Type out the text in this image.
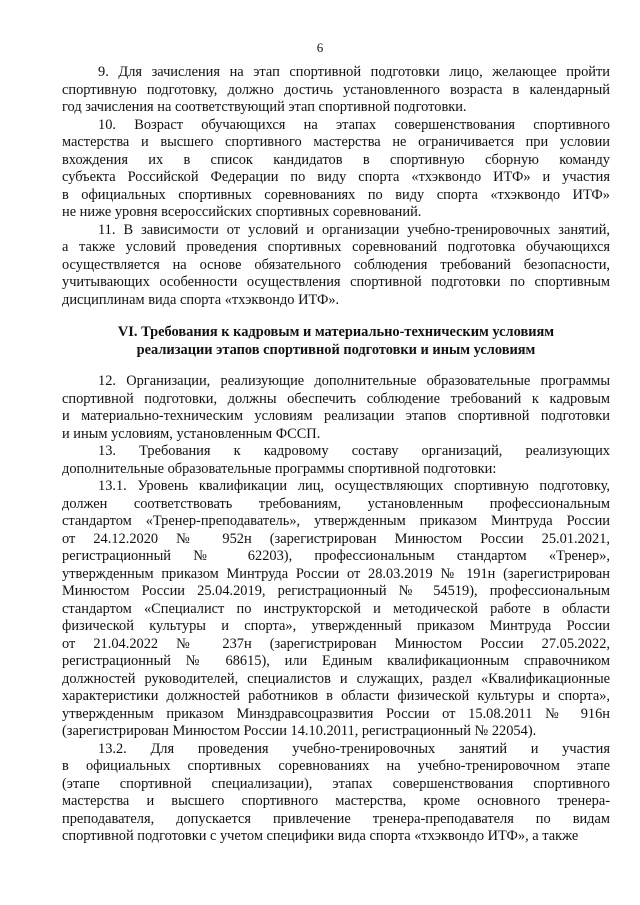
6

9. Для зачисления на этап спортивной подготовки лицо, желающее пройти
спортивную подготовку, должно достичь установленного возраста в календарный
год зачисления на соответствующий этап спортивной подготовки.

10. Возраст обучающихся на этапах совершенствования спортивного
мастерства и высшего спортивного мастерства не ограничивается при условии
вхождения их в список кандидатов в спортивную сборную команду
субъекта Российской Федерации по виду спорта «тхэквондо ИТФ» и участия
в официальных спортивных соревнованиях по виду спорта «тхэквондо ИТФ»
не ниже уровня всероссийских спортивных соревнований.

11. В зависимости от условий и организации учебно-тренировочных занятий,
а также условий проведения спортивных соревнований подготовка обучающихся
осуществляется на основе обязательного соблюдения требований безопасности,
учитывающих особенности осуществления спортивной подготовки по спортивным
дисциплинам вида спорта «тхэквондо ИТФ».

VI. Требования к кадровым и материально-техническим условиям
реализации этапов спортивной подготовки и иным условиям

12. Организации, реализующие дополнительные образовательные программы
спортивной подготовки, должны обеспечить соблюдение требований к кадровым
и материально-техническим условиям реализации этапов спортивной подготовки
и иным условиям, установленным ФССП.

13. Требования к кадровому составу организаций, реализующих
дополнительные образовательные программы спортивной подготовки:

13.1. Уровень квалификации лиц, осуществляющих спортивную подготовку,
должен соответствовать требованиям, установленным профессиональным
стандартом «Тренер-преподаватель», утвержденным приказом Минтруда России
от 24.12.2020 № 952н (зарегистрирован Минюстом России 25.01.2021,
регистрационный № 62203), профессиональным стандартом «Тренер»,
утвержденным приказом Минтруда России от 28.03.2019 № 191н (зарегистрирован
Минюстом России 25.04.2019, регистрационный № 54519), профессиональным
стандартом «Специалист по инструкторской и методической работе в области
физической культуры и спорта», утвержденный приказом Минтруда России
от 21.04.2022 № 237н (зарегистрирован Минюстом России 27.05.2022,
регистрационный № 68615), или Единым квалификационным справочником
должностей руководителей, специалистов и служащих, раздел «Квалификационные
характеристики должностей работников в области физической культуры и спорта»,
утвержденным приказом Минздравсоцразвития России от 15.08.2011 № 916н
(зарегистрирован Минюстом России 14.10.2011, регистрационный № 22054).

13.2. Для проведения учебно-тренировочных занятий и участия
в официальных спортивных соревнованиях на учебно-тренировочном этапе
(этапе спортивной специализации), этапах совершенствования спортивного
мастерства и высшего спортивного мастерства, кроме основного тренера-
преподавателя, допускается привлечение тренера-преподавателя по видам
спортивной подготовки с учетом специфики вида спорта «тхэквондо ИТФ», а также
